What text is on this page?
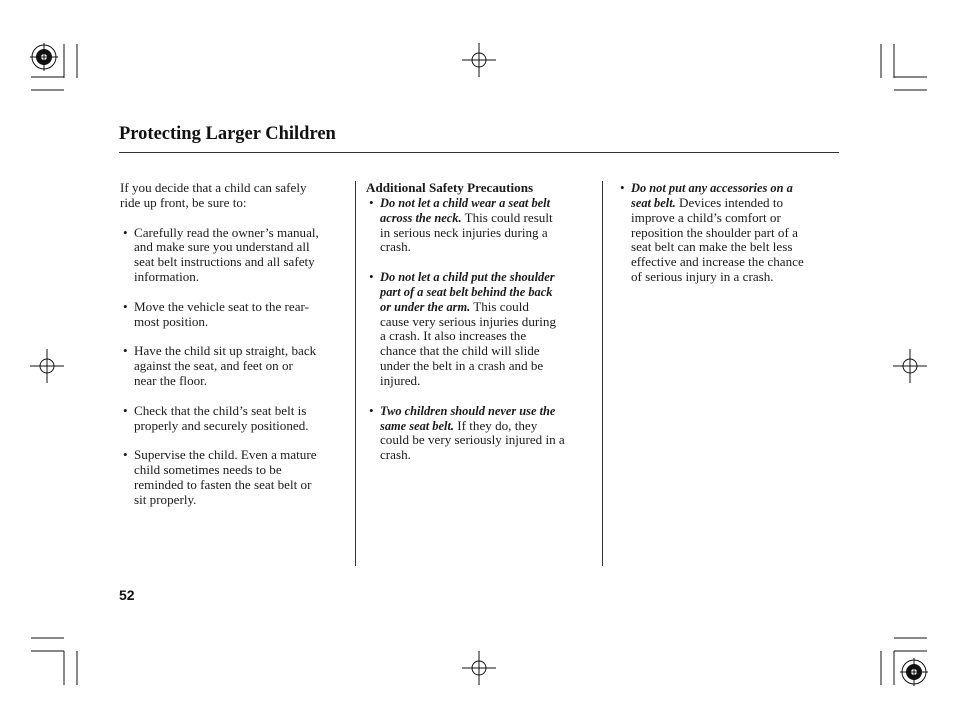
Protecting Larger Children
If you decide that a child can safely
ride up front, be sure to:
• Carefully read the owner’s manual,
and make sure you understand all
seat belt instructions and all safety
information.
• Move the vehicle seat to the rear-
most position.
• Have the child sit up straight, back
against the seat, and feet on or
near the floor.
• Check that the child’s seat belt is
properly and securely positioned.
• Supervise the child. Even a mature
child sometimes needs to be
reminded to fasten the seat belt or
sit properly.
Additional Safety Precautions
• Do not let a child wear a seat belt
across the neck. This could result
in serious neck injuries during a
crash.
• Do not let a child put the shoulder
part of a seat belt behind the back
or under the arm. This could
cause very serious injuries during
a crash. It also increases the
chance that the child will slide
under the belt in a crash and be
injured.
• Two children should never use the
same seat belt. If they do, they
could be very seriously injured in a
crash.
• Do not put any accessories on a
seat belt. Devices intended to
improve a child’s comfort or
reposition the shoulder part of a
seat belt can make the belt less
effective and increase the chance
of serious injury in a crash.
52
